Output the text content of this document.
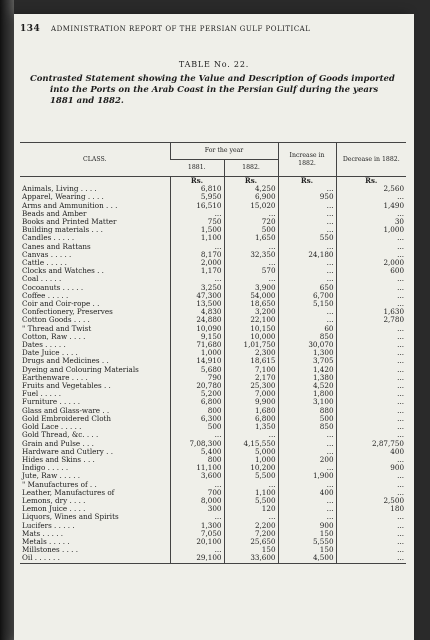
134 ADMINISTRATION REPORT OF THE PERSIAN GULF POLITICAL
TABLE No. 22.
Contrasted Statement showing the Value and Description of Goods imported

into the Ports on the Arab Coast in the Persian Gulf during the years
1881 and 1882.
CLASS.	For the year		Increase in 1882.	Decrease in 1882.
	1881.	1882.		
	Rs.	Rs.	Rs.	Rs.
Animals, Living . . . .	6,810	4,250	...	2,560
Apparel, Wearing . . . .	5,950	6,900	950	...
Arms and Ammunition . . .	16,510	15,020	...	1,490
Beads and Amber	...	...	...	...
Books and Printed Matter	750	720	...	30
Building materials . . .	1,500	500	...	1,000
Candles . . . . .	1,100	1,650	550	...
Canes and Rattans	...	...	...	...
Canvas . . . . .	8,170	32,350	24,180	...
Cattle . . . . .	2,000	...	...	2,000
Clocks and Watches . .	1,170	570	...	600
Coal . . . . .	...	...	...	...
Cocoanuts . . . . .	3,250	3,900	650	...
Coffee . . . . .	47,300	54,000	6,700	...
Coir and Coir-rope . .	13,500	18,650	5,150	...
Confectionery, Preserves	4,830	3,200	...	1,630
Cotton Goods . . . .	24,880	22,100	...	2,780
" Thread and Twist	10,090	10,150	60	...
Cotton, Raw . . . .	9,150	10,000	850	...
Dates . . . . .	71,680	1,01,750	30,070	...
Date Juice . . . .	1,000	2,300	1,300	...
Drugs and Medicines . .	14,910	18,615	3,705	...
Dyeing and Colouring Materials	5,680	7,100	1,420	...
Earthenware . . . .	790	2,170	1,380	...
Fruits and Vegetables . .	20,780	25,300	4,520	...
Fuel . . . . .	5,200	7,000	1,800	...
Furniture . . . . .	6,800	9,900	3,100	...
Glass and Glass-ware . .	800	1,680	880	...
Gold Embroidered Cloth	6,300	6,800	500	...
Gold Lace . . . . .	500	1,350	850	...
Gold Thread, &c. . . .	...	...	...	...
Grain and Pulse . . .	7,08,300	4,15,550	...	2,87,750
Hardware and Cutlery . .	5,400	5,000	...	400
Hides and Skins . . .	800	1,000	200	...
Indigo . . . . .	11,100	10,200	...	900
Jute, Raw . . . . .	3,600	5,500	1,900	...
" Manufactures of . .	...	...	...	...
Leather, Manufactures of	700	1,100	400	...
Lemons, dry . . . .	8,000	5,500	...	2,500
Lemon Juice . . . .	300	120	...	180
Liquors, Wines and Spirits	...	...	...	...
Lucifers . . . . .	1,300	2,200	900	...
Mats . . . . .	7,050	7,200	150	...
Metals . . . . .	20,100	25,650	5,550	...
Millstones . . . .	...	150	150	...
Oil . . . . . .	29,100	33,600	4,500	...
